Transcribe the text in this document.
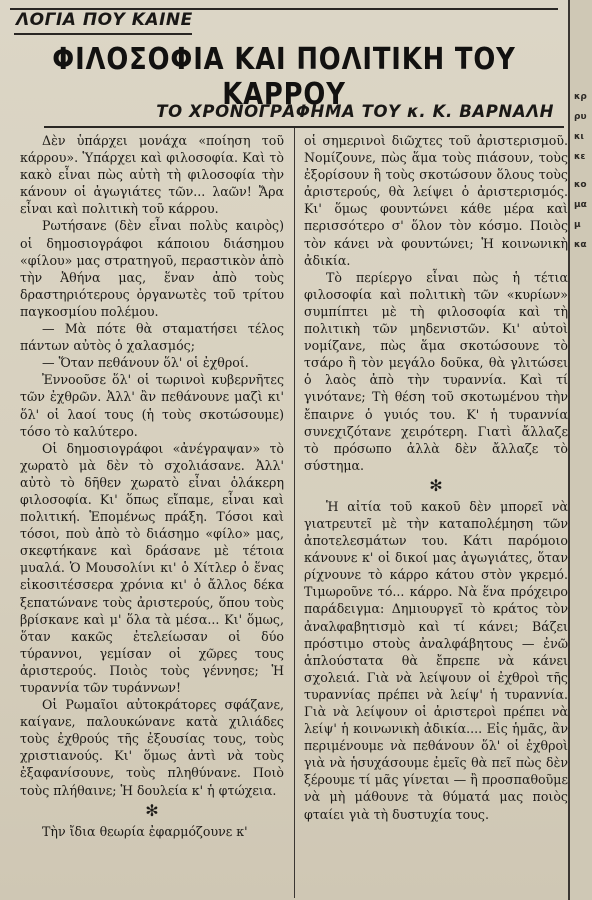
ΛΟΓΙΑ ΠΟΥ ΚΑΙΝΕ
ΦΙΛΟΣΟΦΙΑ ΚΑΙ ΠΟΛΙΤΙΚΗ ΤΟΥ ΚΑΡΡΟΥ
ΤΟ ΧΡΟΝΟΓΡΑΦΗΜΑ ΤΟΥ κ. Κ. ΒΑΡΝΑΛΗ

Δὲν ὑπάρχει μονάχα «ποίηση τοῦ κάρρου». Ὑπάρχει καὶ φιλοσοφία. Καὶ τὸ κακὸ εἶναι πὼς αὐτὴ τὴ φιλοσοφία τὴν κάνουν οἱ ἀγωγιάτες τῶν... λαῶν! Ἄρα εἶναι καὶ πολιτικὴ τοῦ κάρρου.

Ρωτήσανε (δὲν εἶναι πολὺς καιρὸς) οἱ δημοσιογράφοι κάποιου διάσημου «φίλου» μας στρατηγοῦ, περαστικὸν ἀπὸ τὴν Ἀθήνα μας, ἕναν ἀπὸ τοὺς δραστηριότερους ὀργανωτὲς τοῦ τρίτου παγκοσμίου πολέμου.

— Μὰ πότε θὰ σταματήσει τέλος πάντων αὐτὸς ὁ χαλασμός;

— Ὅταν πεθάνουν ὅλ' οἱ ἐχθροί.

Ἐννοοῦσε ὅλ' οἱ τωρινοὶ κυβερνῆτες τῶν ἐχθρῶν. Ἀλλ' ἂν πεθάνουνε μαζὶ κι' ὅλ' οἱ λαοί τους (ἡ τοὺς σκοτώσουμε) τόσο τὸ καλύτερο.

Οἱ δημοσιογράφοι «ἀνέγραψαν» τὸ χωρατὸ μὰ δὲν τὸ σχολιάσανε. Ἀλλ' αὐτὸ τὸ δῆθεν χωρατὸ εἶναι ὁλάκερη φιλοσοφία. Κι' ὅπως εἴπαμε, εἶναι καὶ πολιτική. Ἑπομένως πράξη. Τόσοι καὶ τόσοι, ποὺ ἀπὸ τὸ διάσημο «φίλο» μας, σκεφτήκανε καὶ δράσανε μὲ τέτοια μυαλά. Ὁ Μουσολίνι κι' ὁ Χίτλερ ὁ ἕνας εἰκοσιτέσσερα χρόνια κι' ὁ ἄλλος δέκα ξεπατώνανε τοὺς ἀριστερούς, ὅπου τοὺς βρίσκανε καὶ μ' ὅλα τὰ μέσα... Κι' ὅμως, ὅταν κακῶς ἐτελείωσαν οἱ δύο τύραννοι, γεμίσαν οἱ χῶρες τους ἀριστερούς. Ποιὸς τοὺς γέννησε; Ἡ τυραννία τῶν τυράννων!

Οἱ Ρωμαῖοι αὐτοκράτορες σφάζανε, καίγανε, παλουκώνανε κατὰ χιλιάδες τοὺς ἐχθρούς τῆς ἐξουσίας τους, τοὺς χριστιανούς. Κι' ὅμως ἀντὶ νὰ τοὺς ἐξαφανίσουνε, τοὺς πληθύνανε. Ποιὸ τοὺς πλήθαινε; Ἡ δουλεία κ' ἡ φτώχεια.

✻

Τὴν ἴδια θεωρία ἐφαρμόζουνε κ'

οἱ σημερινοὶ διῶχτες τοῦ ἀριστερισμοῦ. Νομίζουνε, πὼς ἅμα τοὺς πιάσουν, τοὺς ἐξορίσουν ἢ τοὺς σκοτώσουν ὅλους τοὺς ἀριστερούς, θὰ λείψει ὁ ἀριστερισμός. Κι' ὅμως φουντώνει κάθε μέρα καὶ περισσότερο σ' ὅλον τὸν κόσμο. Ποιὸς τὸν κάνει νὰ φουντώνει; Ἡ κοινωνικὴ ἀδικία.

Τὸ περίεργο εἶναι πὼς ἡ τέτια φιλοσοφία καὶ πολιτικὴ τῶν «κυρίων» συμπίπτει μὲ τὴ φιλοσοφία καὶ τὴ πολιτικὴ τῶν μηδενιστῶν. Κι' αὐτοὶ νομίζανε, πὼς ἅμα σκοτώσουνε τὸ τσάρο ἢ τὸν μεγάλο δοῦκα, θὰ γλιτώσει ὁ λαὸς ἀπὸ τὴν τυραννία. Καὶ τί γινότανε; Τὴ θέση τοῦ σκοτωμένου τὴν ἔπαιρνε ὁ γυιός του. Κ' ἡ τυραννία συνεχιζότανε χειρότερη. Γιατὶ ἄλλαζε τὸ πρόσωπο ἀλλὰ δὲν ἄλλαζε τὸ σύστημα.

✻

Ἡ αἰτία τοῦ κακοῦ δὲν μπορεῖ νὰ γιατρευτεῖ μὲ τὴν καταπολέμηση τῶν ἀποτελεσμάτων του. Κάτι παρόμοιο κάνουνε κ' οἱ δικοί μας ἀγωγιάτες, ὅταν ρίχνουνε τὸ κάρρο κάτου στὸν γκρεμό. Τιμωροῦνε τό... κάρρο. Νὰ ἕνα πρόχειρο παράδειγμα: Δημιουργεῖ τὸ κράτος τὸν ἀναλφαβητισμὸ καὶ τί κάνει; Βάζει πρόστιμο στοὺς ἀναλφάβητους — ἐνῶ ἁπλούστατα θὰ ἔπρεπε νὰ κάνει σχολειά. Γιὰ νὰ λείψουν οἱ ἐχθροὶ τῆς τυραννίας πρέπει νὰ λείψ' ἡ τυραννία. Γιὰ νὰ λείψουν οἱ ἀριστεροὶ πρέπει νὰ λείψ' ἡ κοινωνικὴ ἀδικία.... Εἰς ἡμᾶς, ἂν περιμένουμε νὰ πεθάνουν ὅλ' οἱ ἐχθροὶ γιὰ νὰ ἡσυχάσουμε ἐμεῖς θὰ πεῖ πὼς δὲν ξέρουμε τί μᾶς γίνεται — ἢ προσπαθοῦμε νὰ μὴ μάθουνε τὰ θύματά μας ποιὸς φταίει γιὰ τὴ δυστυχία τους.

κρ
ρυ
κι
κε
κο
μα
μ
κα
